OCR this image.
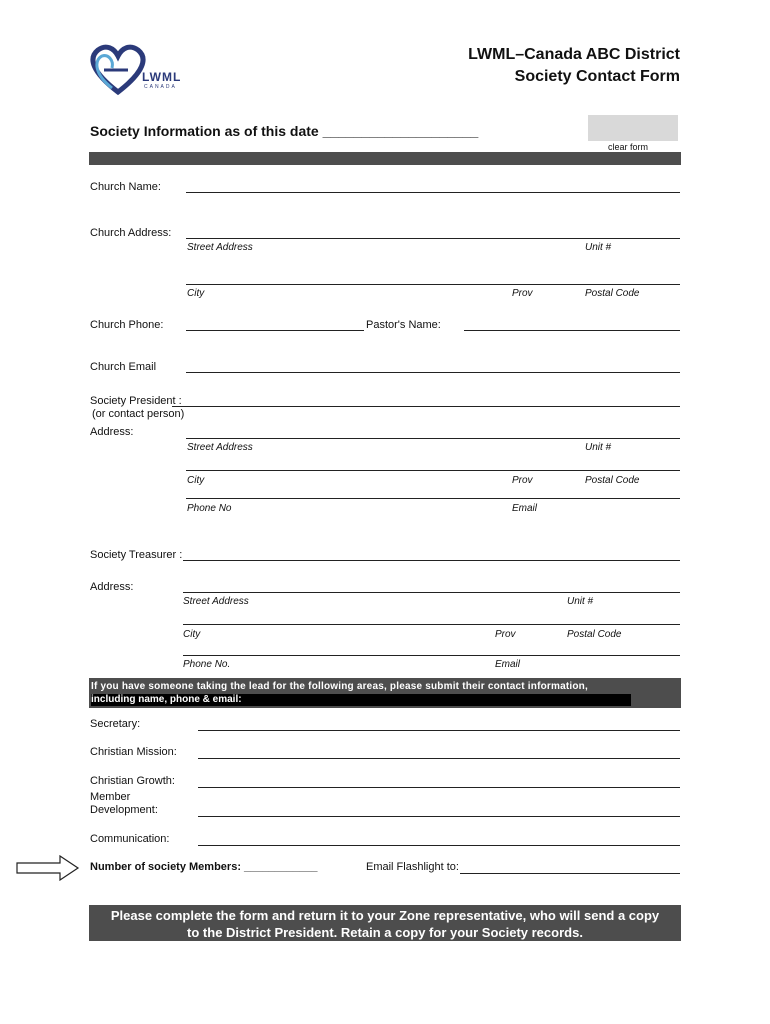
LWML
CANADA
LWML–Canada ABC District
Society Contact Form
Society Information as of this date ____________________
clear form
Church Name:
Church Address:
Street Address	Unit #
City	Prov	Postal Code
Church Phone:	Pastor's Name:
Church Email
Society President :
(or contact person)
Address:
Street Address	Unit #
City	Prov	Postal Code
Phone No	Email
Society Treasurer :
Address:
Street Address	Unit #
City	Prov	Postal Code
Phone No.	Email
If you have someone taking the lead for the following areas, please submit their contact information,
including name, phone & email:
Secretary:
Christian Mission:
Christian Growth:
Member
Development:
Communication:
Number of society Members: ____________	Email Flashlight to:
Please complete the form and return it to your Zone representative, who will send a copy
to the District President. Retain a copy for your Society records.
